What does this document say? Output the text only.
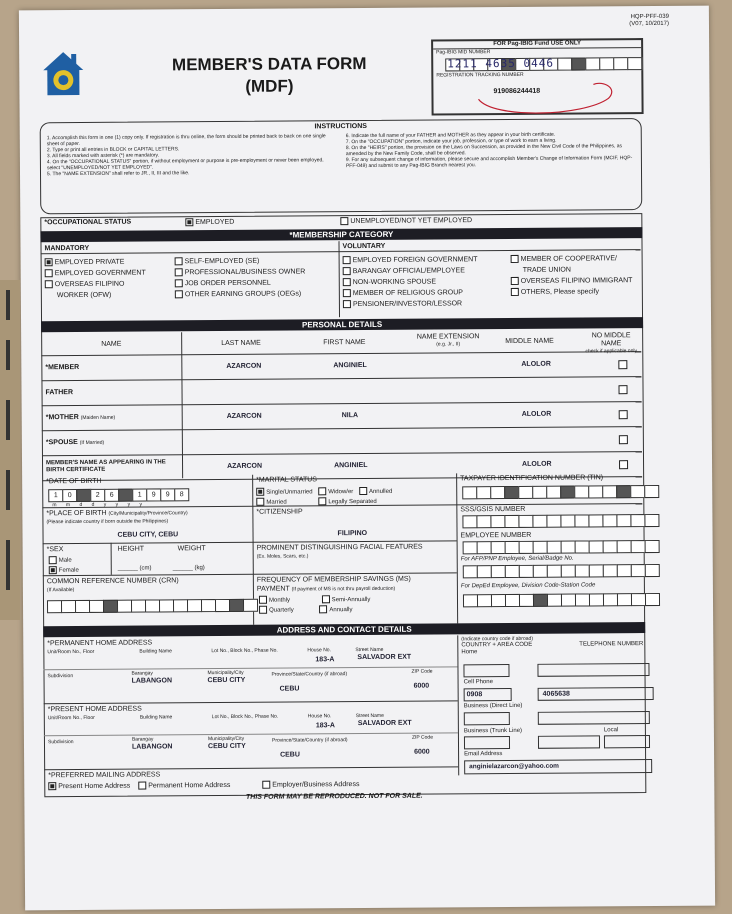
HQP-PFF-039
(V07, 10/2017)
MEMBER'S DATA FORM
(MDF)
FOR Pag-IBIG Fund USE ONLY
Pag-IBIG MID NUMBER
1211 4635 0446
REGISTRATION TRACKING NUMBER
919086244418
INSTRUCTIONS
1. Accomplish this form in one (1) copy only. If registration is thru online, the form should be printed back to back on one single sheet of paper.
2. Type or print all entries in BLOCK or CAPITAL LETTERS.
3. All fields marked with asterisk (*) are mandatory.
4. On the "OCCUPATIONAL STATUS" portion, if without employment or purpose is pre-employment or never been employed, select "UNEMPLOYED/NOT YET EMPLOYED".
5. The "NAME EXTENSION" shall refer to JR., II, III and the like.
6. Indicate the full name of your FATHER and MOTHER as they appear in your birth certificate.
7. On the "OCCUPATION" portion, indicate your job, profession, or type of work to earn a living.
8. On the "HEIRS" portion, the provision on the Laws on Succession, as provided in the New Civil Code of the Philippines, as amended by the New Family Code, shall be observed.
9. For any subsequent change of information, please secure and accomplish Member's Change of Information Form (MCIF, HQP-PFF-049) and submit to any Pag-IBIG Branch nearest you.
*OCCUPATIONAL STATUS	EMPLOYED	UNEMPLOYED/NOT YET EMPLOYED
*MEMBERSHIP CATEGORY
MANDATORY	VOLUNTARY
EMPLOYED PRIVATE
EMPLOYED GOVERNMENT
OVERSEAS FILIPINO
WORKER (OFW)
SELF-EMPLOYED (SE)
PROFESSIONAL/BUSINESS OWNER
JOB ORDER PERSONNEL
OTHER EARNING GROUPS (OEGs)
EMPLOYED FOREIGN GOVERNMENT
BARANGAY OFFICIAL/EMPLOYEE
NON-WORKING SPOUSE
MEMBER OF RELIGIOUS GROUP
PENSIONER/INVESTOR/LESSOR
MEMBER OF COOPERATIVE/
TRADE UNION
OVERSEAS FILIPINO IMMIGRANT
OTHERS, Please specify
PERSONAL DETAILS
NAME	LAST NAME	FIRST NAME
NAME EXTENSION
(e.g. Jr., II)	MIDDLE NAME
NO MIDDLE NAME
check if applicable only
*MEMBER	AZARCON	ANGINIEL	ALOLOR
FATHER
*MOTHER (Maiden Name)	AZARCON	NILA	ALOLOR
*SPOUSE (If Married)
MEMBER'S NAME AS APPEARING IN THE BIRTH CERTIFICATE
AZARCON	ANGINIEL	ALOLOR
*DATE OF BIRTH
1	0	2	6	1	9	9	8
m m d d y y y y
*MARITAL STATUS
Single/Unmarried	Widow/er	Annulled
Married	Legally Separated
TAXPAYER IDENTIFICATION NUMBER (TIN)
*PLACE OF BIRTH (City/Municipality/Province/Country)
(Please indicate country if born outside the Philippines)
CEBU CITY, CEBU
*CITIZENSHIP
FILIPINO
SSS/GSIS NUMBER
EMPLOYEE NUMBER
*SEX
Male
Female
HEIGHT
______ (cm)
WEIGHT
______ (kg)
PROMINENT DISTINGUISHING FACIAL FEATURES
(Ex. Moles, Scars, etc.)	For AFP/PNP Employee, Serial/Badge No.
COMMON REFERENCE NUMBER (CRN)
(If Available)
FREQUENCY OF MEMBERSHIP SAVINGS (MS)
PAYMENT (If payment of MS is not thru payroll deduction)
Monthly	Semi-Annually
Quarterly	Annually
For DepEd Employee, Division Code-Station Code
ADDRESS AND CONTACT DETAILS
*PERMANENT HOME ADDRESS
Unit/Room No., Floor	Building Name	Lot No., Block No., Phase No.	House No.
183-A
Street Name
SALVADOR EXT
Subdivision	Barangay
LABANGON
Municipality/City
CEBU CITY
Province/State/Country (if abroad)
CEBU
ZIP Code
6000
*PRESENT HOME ADDRESS
Unit/Room No., Floor	Building Name	Lot No., Block No., Phase No.	House No.
183-A
Street Name
SALVADOR EXT
Subdivision	Barangay
LABANGON
Municipality/City
CEBU CITY
Province/State/Country (if abroad)
CEBU
ZIP Code
6000
(Indicate country code if abroad)
COUNTRY + AREA CODE	TELEPHONE NUMBER
Home
Cell Phone
0908	4065638
Business (Direct Line)
Business (Trunk Line)	Local
Email Address
anginielazarcon@yahoo.com
*PREFERRED MAILING ADDRESS
Present Home Address	Permanent Home Address	Employer/Business Address
THIS FORM MAY BE REPRODUCED. NOT FOR SALE.
